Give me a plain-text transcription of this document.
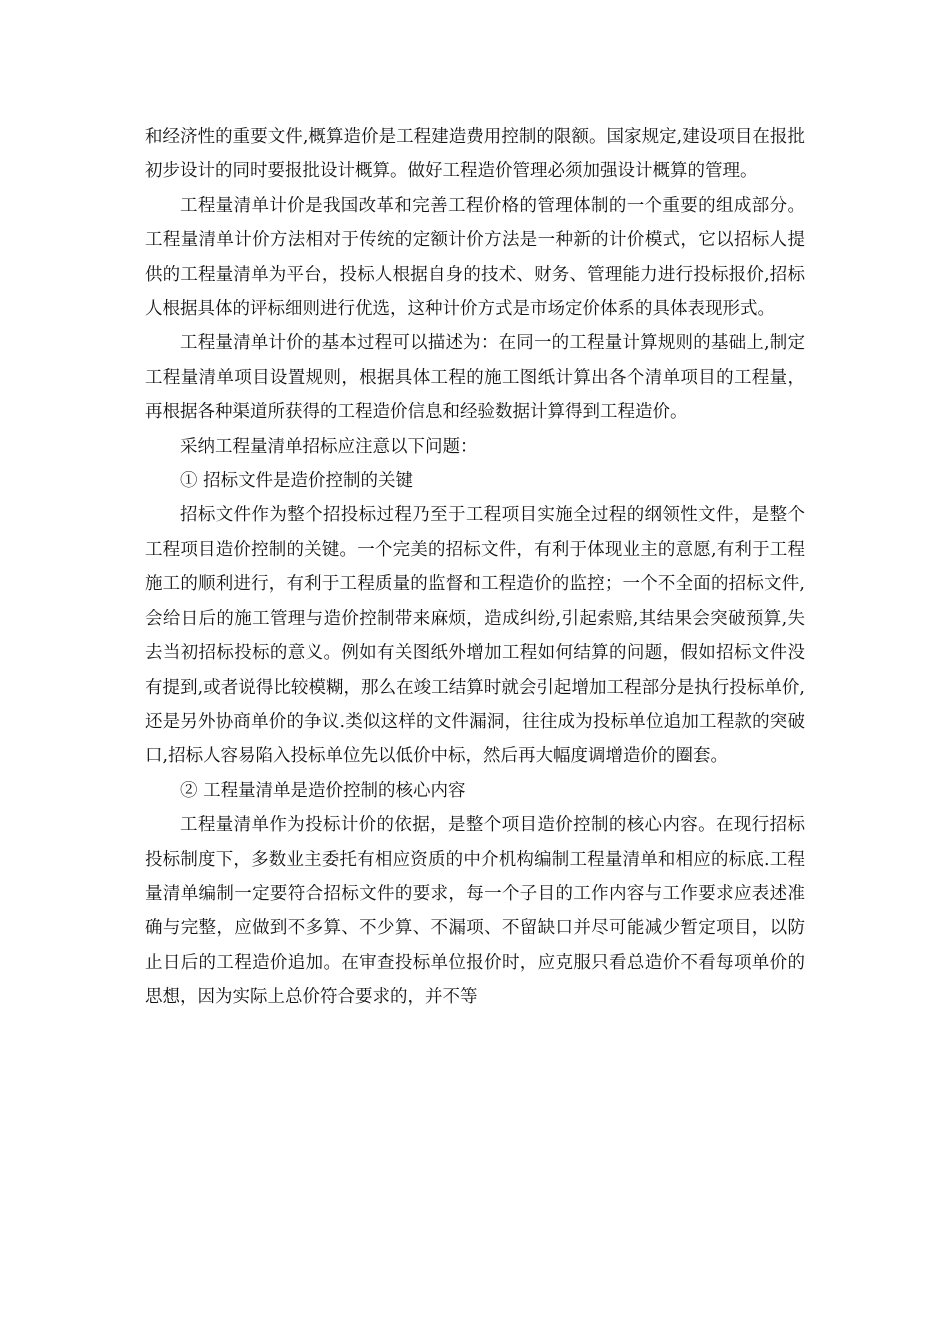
和经济性的重要文件,概算造价是工程建造费用控制的限额。国家规定,建设项目在报批初步设计的同时要报批设计概算。做好工程造价管理必须加强设计概算的管理。

工程量清单计价是我国改革和完善工程价格的管理体制的一个重要的组成部分。工程量清单计价方法相对于传统的定额计价方法是一种新的计价模式，它以招标人提供的工程量清单为平台，投标人根据自身的技术、财务、管理能力进行投标报价,招标人根据具体的评标细则进行优选，这种计价方式是市场定价体系的具体表现形式。

工程量清单计价的基本过程可以描述为：在同一的工程量计算规则的基础上,制定工程量清单项目设置规则，根据具体工程的施工图纸计算出各个清单项目的工程量，再根据各种渠道所获得的工程造价信息和经验数据计算得到工程造价。

采纳工程量清单招标应注意以下问题：

① 招标文件是造价控制的关键

招标文件作为整个招投标过程乃至于工程项目实施全过程的纲领性文件，是整个工程项目造价控制的关键。一个完美的招标文件，有利于体现业主的意愿,有利于工程施工的顺利进行，有利于工程质量的监督和工程造价的监控；一个不全面的招标文件,会给日后的施工管理与造价控制带来麻烦，造成纠纷,引起索赔,其结果会突破预算,失去当初招标投标的意义。例如有关图纸外增加工程如何结算的问题，假如招标文件没有提到,或者说得比较模糊，那么在竣工结算时就会引起增加工程部分是执行投标单价,还是另外协商单价的争议.类似这样的文件漏洞，往往成为投标单位追加工程款的突破口,招标人容易陷入投标单位先以低价中标，然后再大幅度调增造价的圈套。

② 工程量清单是造价控制的核心内容

工程量清单作为投标计价的依据，是整个项目造价控制的核心内容。在现行招标投标制度下，多数业主委托有相应资质的中介机构编制工程量清单和相应的标底.工程量清单编制一定要符合招标文件的要求，每一个子目的工作内容与工作要求应表述准确与完整，应做到不多算、不少算、不漏项、不留缺口并尽可能减少暂定项目，以防止日后的工程造价追加。在审查投标单位报价时，应克服只看总造价不看每项单价的思想，因为实际上总价符合要求的，并不等
